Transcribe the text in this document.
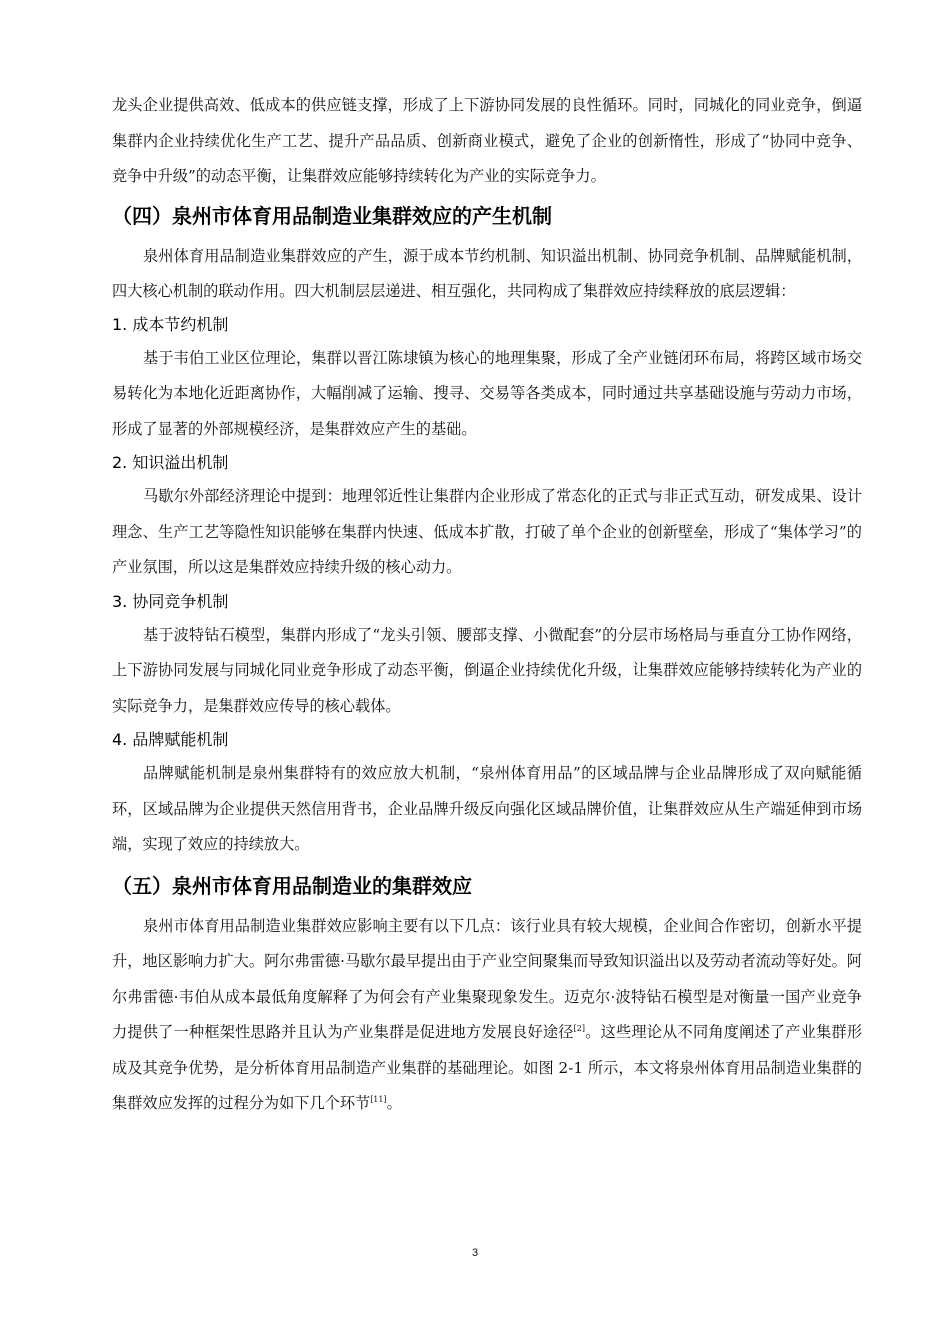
龙头企业提供高效、低成本的供应链支撑，形成了上下游协同发展的良性循环。同时，同城化的同业竞争，倒逼集群内企业持续优化生产工艺、提升产品品质、创新商业模式，避免了企业的创新惰性，形成了“协同中竞争、竞争中升级”的动态平衡，让集群效应能够持续转化为产业的实际竞争力。

（四）泉州市体育用品制造业集群效应的产生机制

泉州体育用品制造业集群效应的产生，源于成本节约机制、知识溢出机制、协同竞争机制、品牌赋能机制，四大核心机制的联动作用。四大机制层层递进、相互强化，共同构成了集群效应持续释放的底层逻辑：

1. 成本节约机制

基于韦伯工业区位理论，集群以晋江陈埭镇为核心的地理集聚，形成了全产业链闭环布局，将跨区域市场交易转化为本地化近距离协作，大幅削减了运输、搜寻、交易等各类成本，同时通过共享基础设施与劳动力市场，形成了显著的外部规模经济，是集群效应产生的基础。

2. 知识溢出机制

马歇尔外部经济理论中提到：地理邻近性让集群内企业形成了常态化的正式与非正式互动，研发成果、设计理念、生产工艺等隐性知识能够在集群内快速、低成本扩散，打破了单个企业的创新壁垒，形成了“集体学习”的产业氛围，所以这是集群效应持续升级的核心动力。

3. 协同竞争机制

基于波特钻石模型，集群内形成了“龙头引领、腰部支撑、小微配套”的分层市场格局与垂直分工协作网络，上下游协同发展与同城化同业竞争形成了动态平衡，倒逼企业持续优化升级，让集群效应能够持续转化为产业的实际竞争力，是集群效应传导的核心载体。

4. 品牌赋能机制

品牌赋能机制是泉州集群特有的效应放大机制，“泉州体育用品”的区域品牌与企业品牌形成了双向赋能循环，区域品牌为企业提供天然信用背书，企业品牌升级反向强化区域品牌价值，让集群效应从生产端延伸到市场端，实现了效应的持续放大。

（五）泉州市体育用品制造业的集群效应

泉州市体育用品制造业集群效应影响主要有以下几点：该行业具有较大规模，企业间合作密切，创新水平提升，地区影响力扩大。阿尔弗雷德·马歇尔最早提出由于产业空间聚集而导致知识溢出以及劳动者流动等好处。阿尔弗雷德·韦伯从成本最低角度解释了为何会有产业集聚现象发生。迈克尔·波特钻石模型是对衡量一国产业竞争力提供了一种框架性思路并且认为产业集群是促进地方发展良好途径[2]。这些理论从不同角度阐述了产业集群形成及其竞争优势，是分析体育用品制造产业集群的基础理论。如图 2-1 所示，本文将泉州体育用品制造业集群的集群效应发挥的过程分为如下几个环节[11]。

3
